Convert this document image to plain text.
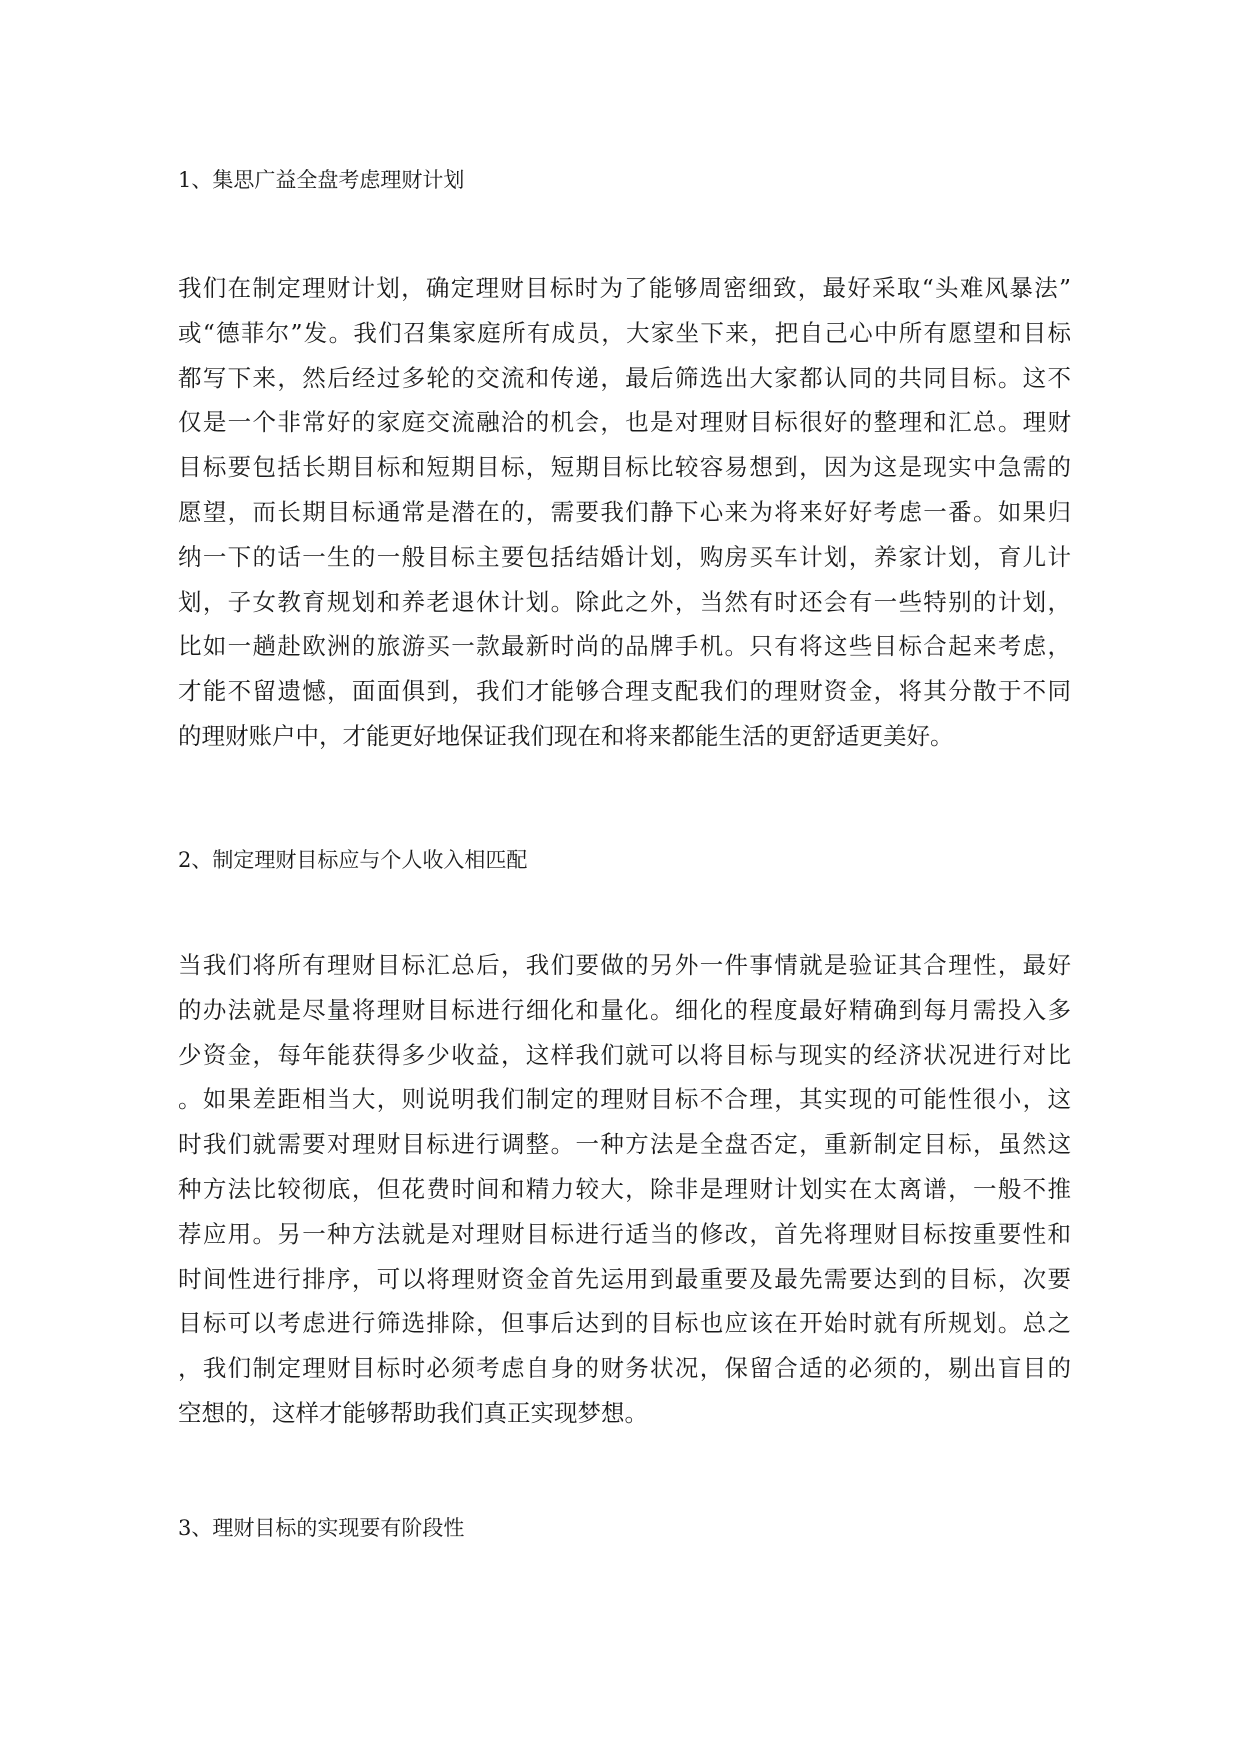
1、集思广益全盘考虑理财计划
我们在制定理财计划，确定理财目标时为了能够周密细致，最好采取“头难风暴法”
或“德菲尔”发。我们召集家庭所有成员，大家坐下来，把自己心中所有愿望和目标
都写下来，然后经过多轮的交流和传递，最后筛选出大家都认同的共同目标。这不
仅是一个非常好的家庭交流融洽的机会，也是对理财目标很好的整理和汇总。理财
目标要包括长期目标和短期目标，短期目标比较容易想到，因为这是现实中急需的
愿望，而长期目标通常是潜在的，需要我们静下心来为将来好好考虑一番。如果归
纳一下的话一生的一般目标主要包括结婚计划，购房买车计划，养家计划，育儿计
划，子女教育规划和养老退休计划。除此之外，当然有时还会有一些特别的计划，
比如一趟赴欧洲的旅游买一款最新时尚的品牌手机。只有将这些目标合起来考虑，
才能不留遗憾，面面俱到，我们才能够合理支配我们的理财资金，将其分散于不同
的理财账户中，才能更好地保证我们现在和将来都能生活的更舒适更美好。
2、制定理财目标应与个人收入相匹配
当我们将所有理财目标汇总后，我们要做的另外一件事情就是验证其合理性，最好
的办法就是尽量将理财目标进行细化和量化。细化的程度最好精确到每月需投入多
少资金，每年能获得多少收益，这样我们就可以将目标与现实的经济状况进行对比
。如果差距相当大，则说明我们制定的理财目标不合理，其实现的可能性很小，这
时我们就需要对理财目标进行调整。一种方法是全盘否定，重新制定目标，虽然这
种方法比较彻底，但花费时间和精力较大，除非是理财计划实在太离谱，一般不推
荐应用。另一种方法就是对理财目标进行适当的修改，首先将理财目标按重要性和
时间性进行排序，可以将理财资金首先运用到最重要及最先需要达到的目标，次要
目标可以考虑进行筛选排除，但事后达到的目标也应该在开始时就有所规划。总之
，我们制定理财目标时必须考虑自身的财务状况，保留合适的必须的，剔出盲目的
空想的，这样才能够帮助我们真正实现梦想。
3、理财目标的实现要有阶段性
